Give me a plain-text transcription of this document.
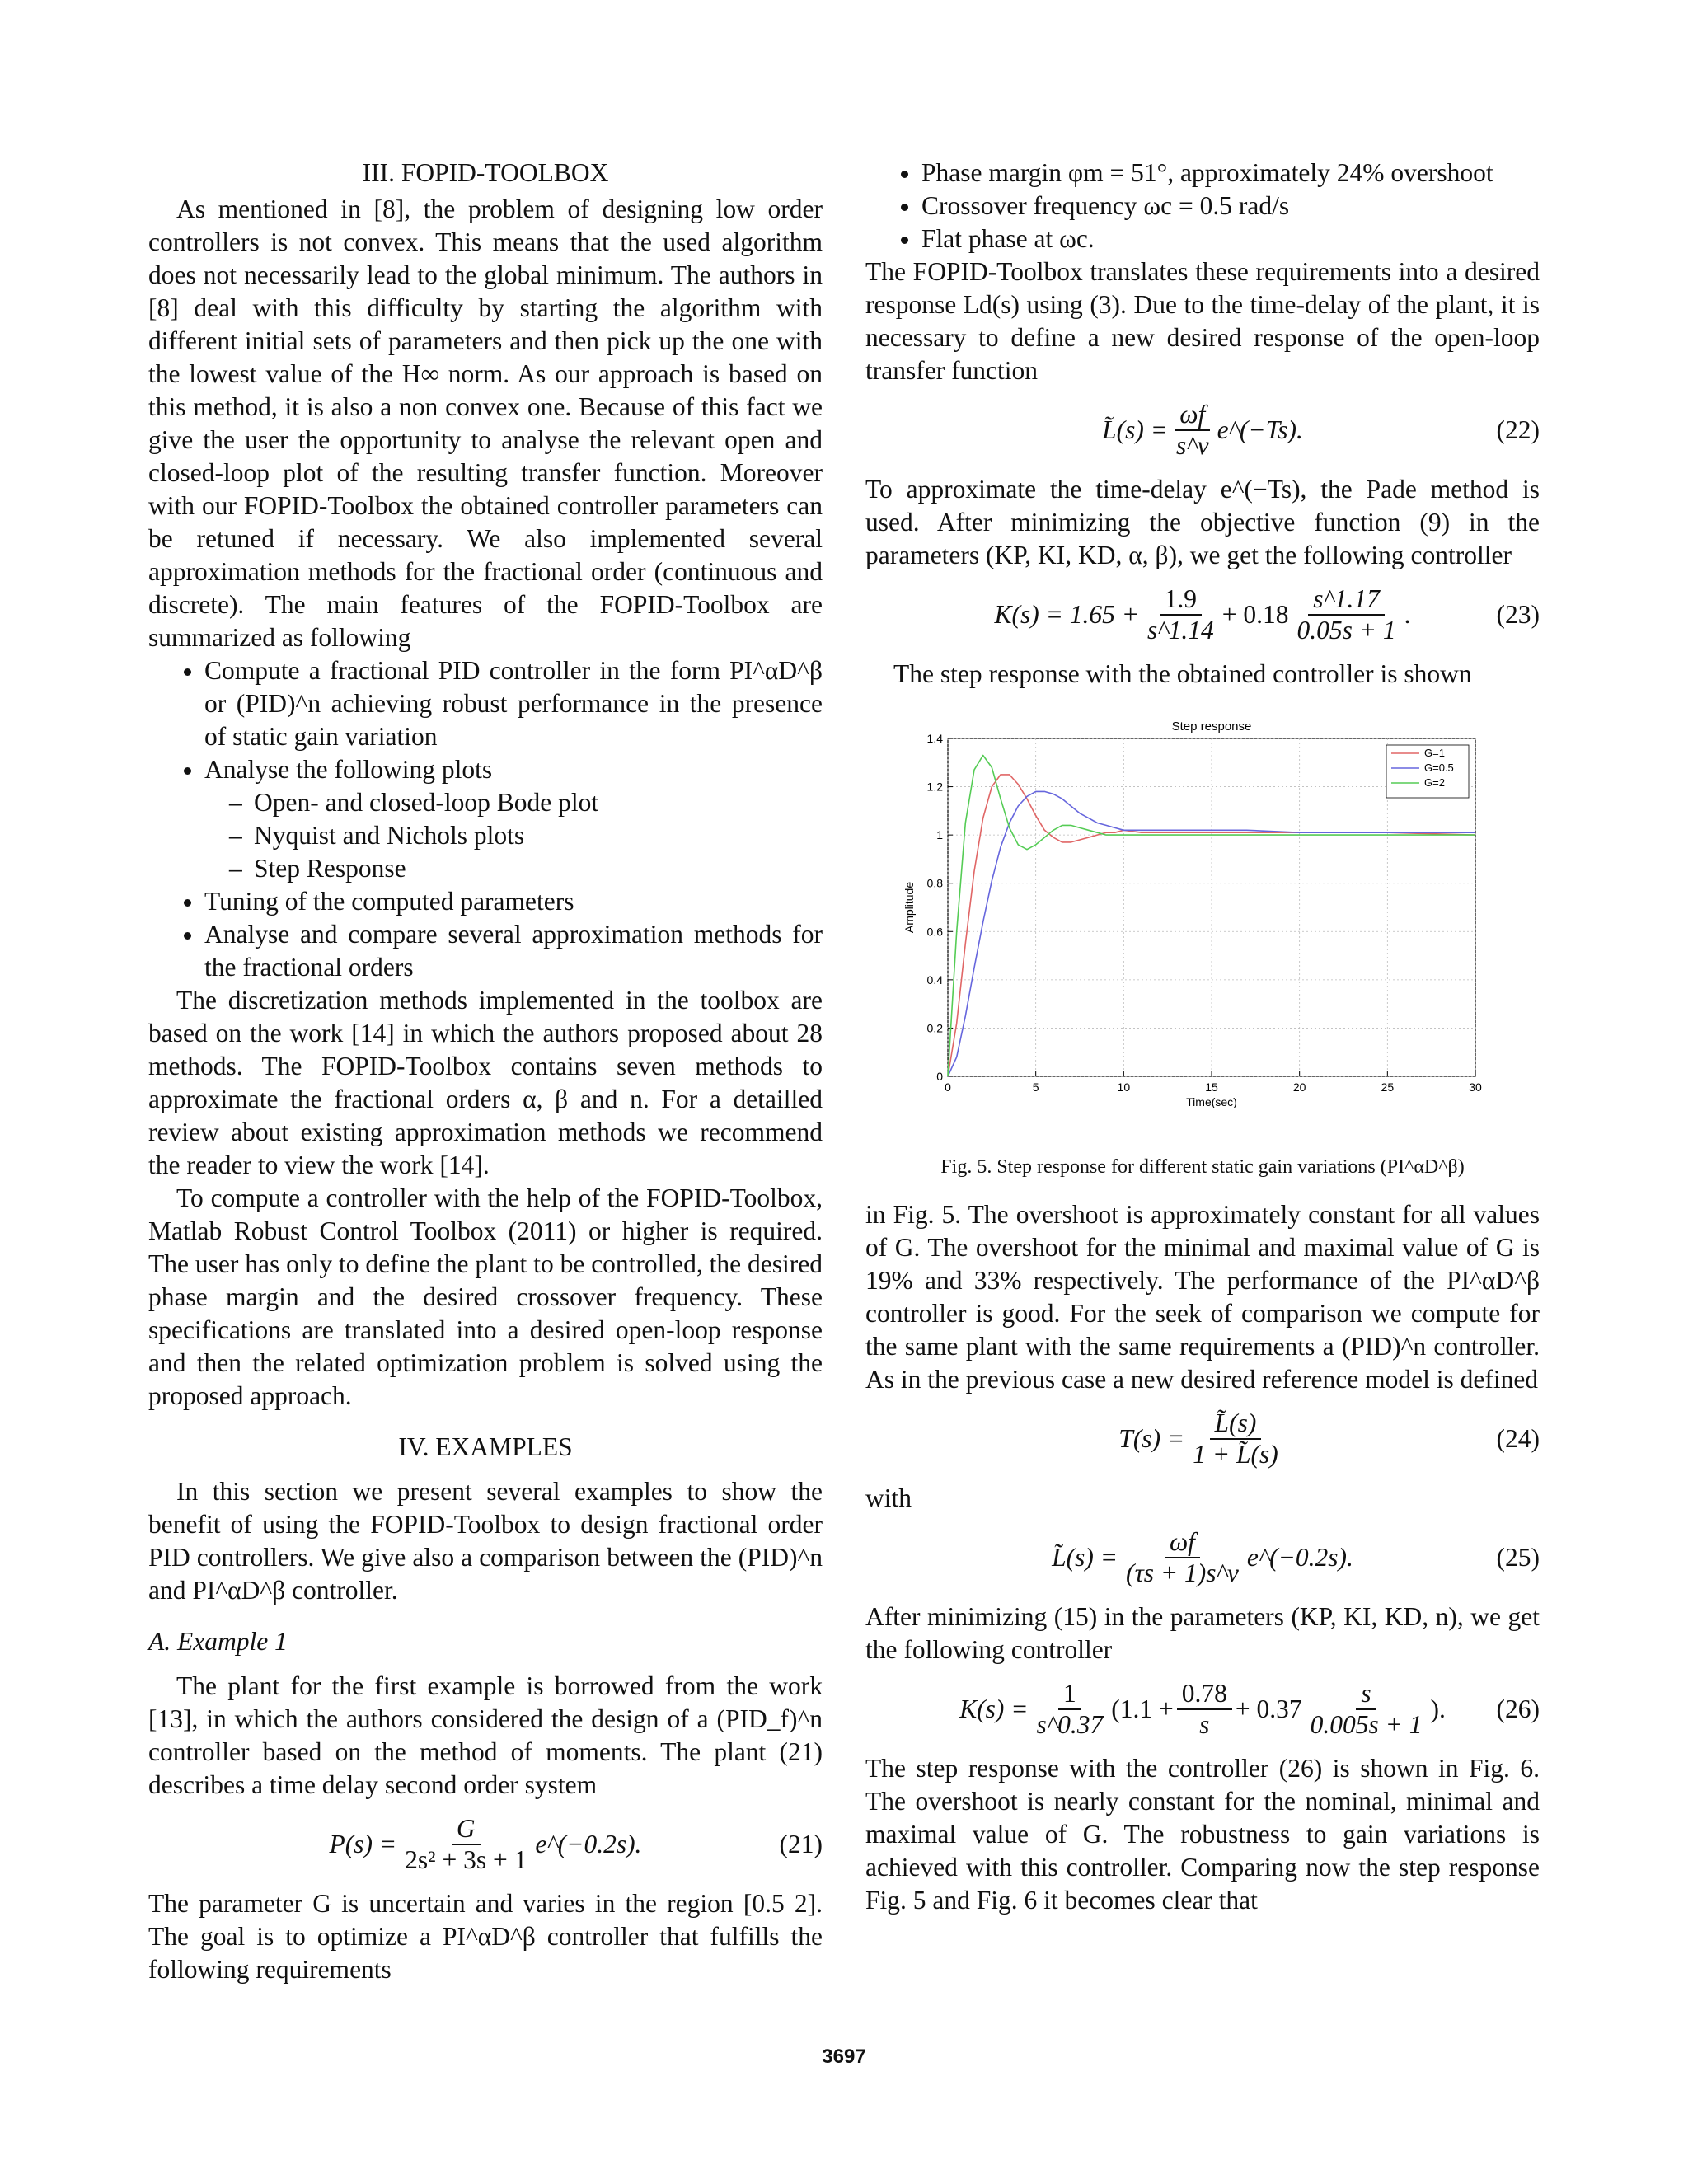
III. FOPID-TOOLBOX

As mentioned in [8], the problem of designing low order controllers is not convex. This means that the used algorithm does not necessarily lead to the global minimum. The authors in [8] deal with this difficulty by starting the algorithm with different initial sets of parameters and then pick up the one with the lowest value of the H∞ norm. As our approach is based on this method, it is also a non convex one. Because of this fact we give the user the opportunity to analyse the relevant open and closed-loop plot of the resulting transfer function. Moreover with our FOPID-Toolbox the obtained controller parameters can be retuned if necessary. We also implemented several approximation methods for the fractional order (continuous and discrete). The main features of the FOPID-Toolbox are summarized as following

• Compute a fractional PID controller in the form PI^αD^β or (PID)^n achieving robust performance in the presence of static gain variation
• Analyse the following plots
– Open- and closed-loop Bode plot
– Nyquist and Nichols plots
– Step Response
• Tuning of the computed parameters
• Analyse and compare several approximation methods for the fractional orders

The discretization methods implemented in the toolbox are based on the work [14] in which the authors proposed about 28 methods. The FOPID-Toolbox contains seven methods to approximate the fractional orders α, β and n. For a detailled review about existing approximation methods we recommend the reader to view the work [14].

To compute a controller with the help of the FOPID-Toolbox, Matlab Robust Control Toolbox (2011) or higher is required. The user has only to define the plant to be controlled, the desired phase margin and the desired crossover frequency. These specifications are translated into a desired open-loop response and then the related optimization problem is solved using the proposed approach.

IV. EXAMPLES

In this section we present several examples to show the benefit of using the FOPID-Toolbox to design fractional order PID controllers. We give also a comparison between the (PID)^n and PI^αD^β controller.

A. Example 1

The plant for the first example is borrowed from the work [13], in which the authors considered the design of a (PID_f)^n controller based on the method of moments. The plant (21) describes a time delay second order system

$P(s) = \frac{G}{\text{2s² + 3s + 1}}$ e^(−0.2s).	(21)

The parameter G is uncertain and varies in the region [0.5 2]. The goal is to optimize a PI^αD^β controller that fulfills the following requirements

• Phase margin φm = 51°, approximately 24% overshoot
• Crossover frequency ωc = 0.5 rad/s
• Flat phase at ωc.

The FOPID-Toolbox translates these requirements into a desired response Ld(s) using (3). Due to the time-delay of the plant, it is necessary to define a new desired response of the open-loop transfer function

L̃(s) = $\frac{\omega f}{s\^{}v}$ e^(−Ts).	(22)

To approximate the time-delay e^(−Ts), the Pade method is used. After minimizing the objective function (9) in the parameters (KP, KI, KD, α, β), we get the following controller

$K(s) = 1.65 + \frac{1.9}{s\^{}1.14} + 0.18 \frac{s\^{}1.17}{0.05s + 1}$ .	(23)

The step response with the obtained controller is shown

0	5	10	15	20	25	30
0
0.2
0.4
0.6
0.8
1
1.2
1.4
Step response
Time(sec)
Amplitude
G=1
G=0.5
G=2
Fig. 5. Step response for different static gain variations (PI^αD^β)

in Fig. 5. The overshoot is approximately constant for all values of G. The overshoot for the minimal and maximal value of G is 19% and 33% respectively. The performance of the PI^αD^β controller is good. For the seek of comparison we compute for the same plant with the same requirements a (PID)^n controller. As in the previous case a new desired reference model is defined

$T(s) = \frac{L̃(s)}{1 + L̃(s)}$	(24)

with

L̃(s) = $\frac{\omega f}{(\tau s + 1)s\^{}v}$ e^(−0.2s).	(25)

After minimizing (15) in the parameters (KP, KI, KD, n), we get the following controller

$K(s) = \frac{1}{s\^{}0.37} (1.1 + \frac{0.78}{s} + 0.37 \frac{s}{0.005s + 1}$ ). (26)

The step response with the controller (26) is shown in Fig. 6. The overshoot is nearly constant for the nominal, minimal and maximal value of G. The robustness to gain variations is achieved with this controller. Comparing now the step response Fig. 5 and Fig. 6 it becomes clear that

3697
